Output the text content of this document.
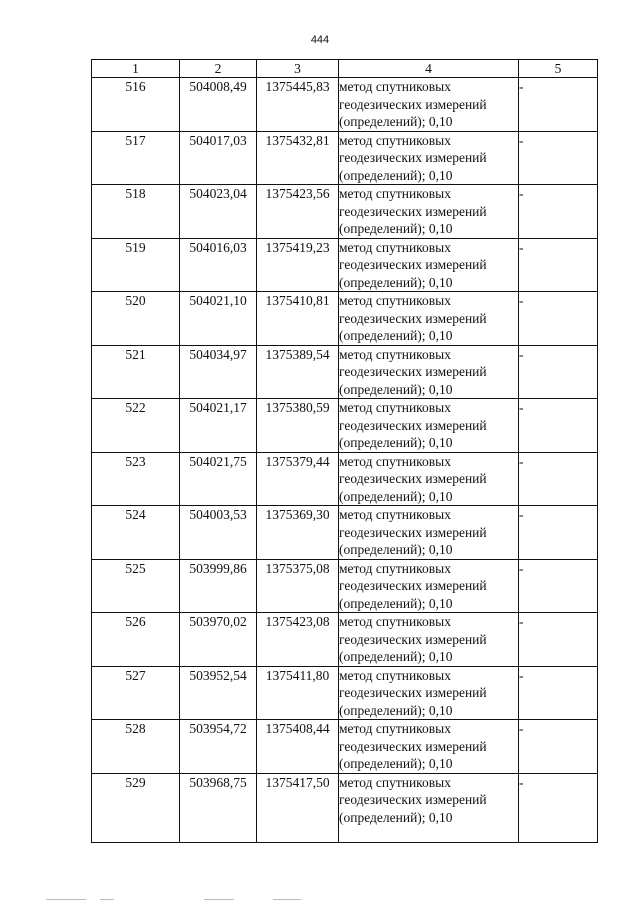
444
1	2	3	4	5
516	504008,49	1375445,83	метод спутниковых геодезических измерений (определений); 0,10	-
517	504017,03	1375432,81	метод спутниковых геодезических измерений (определений); 0,10	-
518	504023,04	1375423,56	метод спутниковых геодезических измерений (определений); 0,10	-
519	504016,03	1375419,23	метод спутниковых геодезических измерений (определений); 0,10	-
520	504021,10	1375410,81	метод спутниковых геодезических измерений (определений); 0,10	-
521	504034,97	1375389,54	метод спутниковых геодезических измерений (определений); 0,10	-
522	504021,17	1375380,59	метод спутниковых геодезических измерений (определений); 0,10	-
523	504021,75	1375379,44	метод спутниковых геодезических измерений (определений); 0,10	-
524	504003,53	1375369,30	метод спутниковых геодезических измерений (определений); 0,10	-
525	503999,86	1375375,08	метод спутниковых геодезических измерений (определений); 0,10	-
526	503970,02	1375423,08	метод спутниковых геодезических измерений (определений); 0,10	-
527	503952,54	1375411,80	метод спутниковых геодезических измерений (определений); 0,10	-
528	503954,72	1375408,44	метод спутниковых геодезических измерений (определений); 0,10	-
529	503968,75	1375417,50	метод спутниковых геодезических измерений (определений); 0,10	-
